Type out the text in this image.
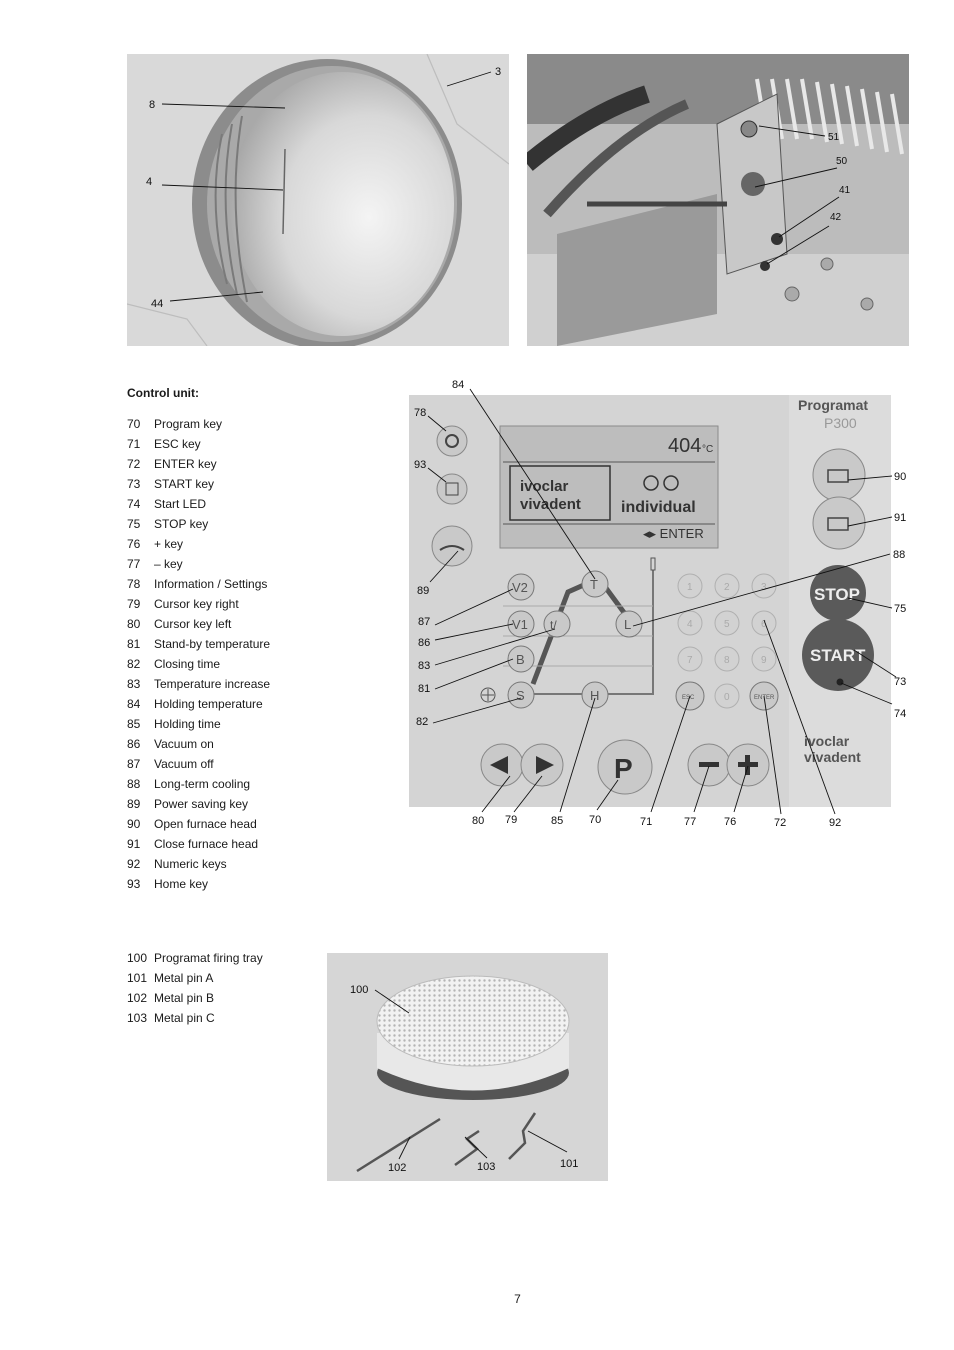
3
8
4
44
51
50
41
42
Control unit:
70 Program key
71 ESC key
72 ENTER key
73 START key
74 Start LED
75 STOP key
76 + key
77 – key
78 Information / Settings
79 Cursor key right
80 Cursor key left
81 Stand-by temperature
82 Closing time
83 Temperature increase
84 Holding temperature
85 Holding time
86 Vacuum on
87 Vacuum off
88 Long-term cooling
89 Power saving key
90 Open furnace head
91 Close furnace head
92 Numeric keys
93 Home key
404 °C
ivoclar
vivadent	individual
◂▸ ENTER
Programat
P300
V2
V1
B
S
T
t/	L
H
1	2	3
4	5	6
7	8	9
0
ESC	ENTER
STOP
START
P
ivoclar
vivadent
84
78
93
89
87
86
83
81
82
90
91
88
75
73
74
80 79	85 70	71	77	76	72	92
100 Programat firing tray
101 Metal pin A
102 Metal pin B
103 Metal pin C
100
102	103	101
7
